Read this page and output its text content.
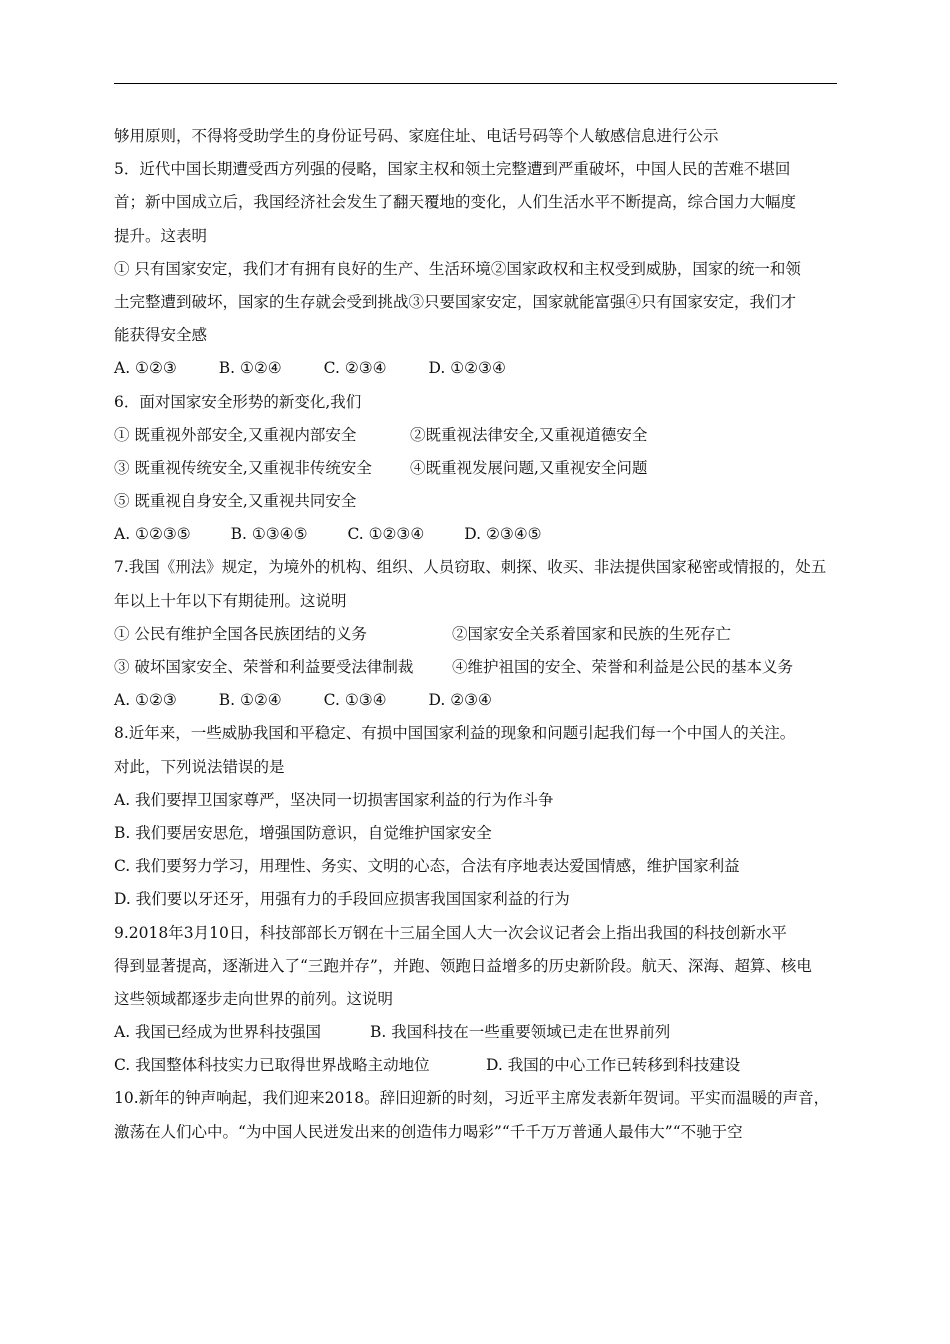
够用原则，不得将受助学生的身份证号码、家庭住址、电话号码等个人敏感信息进行公示
5．近代中国长期遭受西方列强的侵略，国家主权和领土完整遭到严重破坏，中国人民的苦难不堪回
首；新中国成立后，我国经济社会发生了翻天覆地的变化，人们生活水平不断提高，综合国力大幅度
提升。这表明
① 只有国家安定，我们才有拥有良好的生产、生活环境②国家政权和主权受到威胁，国家的统一和领
土完整遭到破坏，国家的生存就会受到挑战③只要国家安定，国家就能富强④只有国家安定，我们才
能获得安全感
A. ①②③	B. ①②④	C. ②③④	D. ①②③④
6．面对国家安全形势的新变化,我们
① 既重视外部安全,又重视内部安全	②既重视法律安全,又重视道德安全
③ 既重视传统安全,又重视非传统安全 ④既重视发展问题,又重视安全问题
⑤ 既重视自身安全,又重视共同安全
A. ①②③⑤	B. ①③④⑤	C. ①②③④	D. ②③④⑤
7.我国《刑法》规定，为境外的机构、组织、人员窃取、刺探、收买、非法提供国家秘密或情报的，处五
年以上十年以下有期徒刑。这说明
① 公民有维护全国各民族团结的义务	②国家安全关系着国家和民族的生死存亡
③ 破坏国家安全、荣誉和利益要受法律制裁 ④维护祖国的安全、荣誉和利益是公民的基本义务
A. ①②③	B. ①②④	C. ①③④	D. ②③④
8.近年来，一些威胁我国和平稳定、有损中国国家利益的现象和问题引起我们每一个中国人的关注。
对此，下列说法错误的是
A. 我们要捍卫国家尊严，坚决同一切损害国家利益的行为作斗争
B. 我们要居安思危，增强国防意识，自觉维护国家安全
C. 我们要努力学习，用理性、务实、文明的心态，合法有序地表达爱国情感，维护国家利益
D. 我们要以牙还牙，用强有力的手段回应损害我国国家利益的行为
9.2018年3月10日，科技部部长万钢在十三届全国人大一次会议记者会上指出我国的科技创新水平
得到显著提高，逐渐进入了“三跑并存”，并跑、领跑日益增多的历史新阶段。航天、深海、超算、核电
这些领域都逐步走向世界的前列。这说明
A. 我国已经成为世界科技强国	B. 我国科技在一些重要领域已走在世界前列
C. 我国整体科技实力已取得世界战略主动地位	D. 我国的中心工作已转移到科技建设
10.新年的钟声响起，我们迎来2018。辞旧迎新的时刻，习近平主席发表新年贺词。平实而温暖的声音，
激荡在人们心中。“为中国人民迸发出来的创造伟力喝彩”“千千万万普通人最伟大”“不驰于空
